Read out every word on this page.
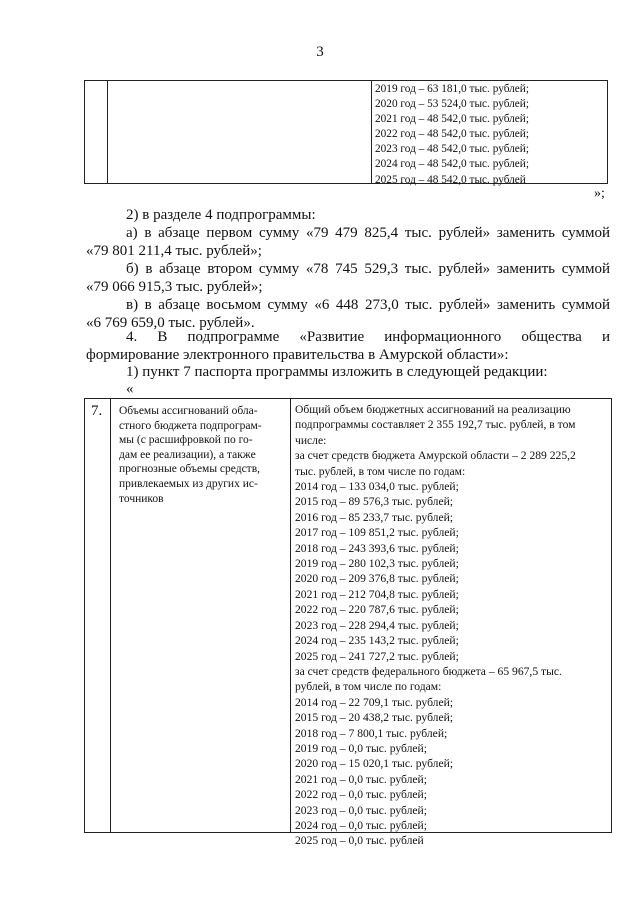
3
2019 год – 63 181,0 тыс. рублей;
2020 год – 53 524,0 тыс. рублей;
2021 год – 48 542,0 тыс. рублей;
2022 год – 48 542,0 тыс. рублей;
2023 год – 48 542,0 тыс. рублей;
2024 год – 48 542,0 тыс. рублей;
2025 год – 48 542,0 тыс. рублей
»;
2) в разделе 4 подпрограммы:
а) в абзаце первом сумму «79 479 825,4 тыс. рублей» заменить суммой
«79 801 211,4 тыс. рублей»;
б) в абзаце втором сумму «78 745 529,3 тыс. рублей» заменить суммой
«79 066 915,3 тыс. рублей»;
в) в абзаце восьмом сумму «6 448 273,0 тыс. рублей» заменить суммой
«6 769 659,0 тыс. рублей».
4. В подпрограмме «Развитие информационного общества и
формирование электронного правительства в Амурской области»:
1) пункт 7 паспорта программы изложить в следующей редакции:
«
7.	Объемы ассигнований обла-
стного бюджета подпрограм-
мы (с расшифровкой по го-
дам ее реализации), а также
прогнозные объемы средств,
привлекаемых из других ис-
точников
Общий объем бюджетных ассигнований на реализацию
подпрограммы составляет 2 355 192,7 тыс. рублей, в том
числе:
за счет средств бюджета Амурской области – 2 289 225,2
тыс. рублей, в том числе по годам:
2014 год – 133 034,0 тыс. рублей;
2015 год – 89 576,3 тыс. рублей;
2016 год – 85 233,7 тыс. рублей;
2017 год – 109 851,2 тыс. рублей;
2018 год – 243 393,6 тыс. рублей;
2019 год – 280 102,3 тыс. рублей;
2020 год – 209 376,8 тыс. рублей;
2021 год – 212 704,8 тыс. рублей;
2022 год – 220 787,6 тыс. рублей;
2023 год – 228 294,4 тыс. рублей;
2024 год – 235 143,2 тыс. рублей;
2025 год – 241 727,2 тыс. рублей;
за счет средств федерального бюджета – 65 967,5 тыс.
рублей, в том числе по годам:
2014 год – 22 709,1 тыс. рублей;
2015 год – 20 438,2 тыс. рублей;
2018 год – 7 800,1 тыс. рублей;
2019 год – 0,0 тыс. рублей;
2020 год – 15 020,1 тыс. рублей;
2021 год – 0,0 тыс. рублей;
2022 год – 0,0 тыс. рублей;
2023 год – 0,0 тыс. рублей;
2024 год – 0,0 тыс. рублей;
2025 год – 0,0 тыс. рублей
